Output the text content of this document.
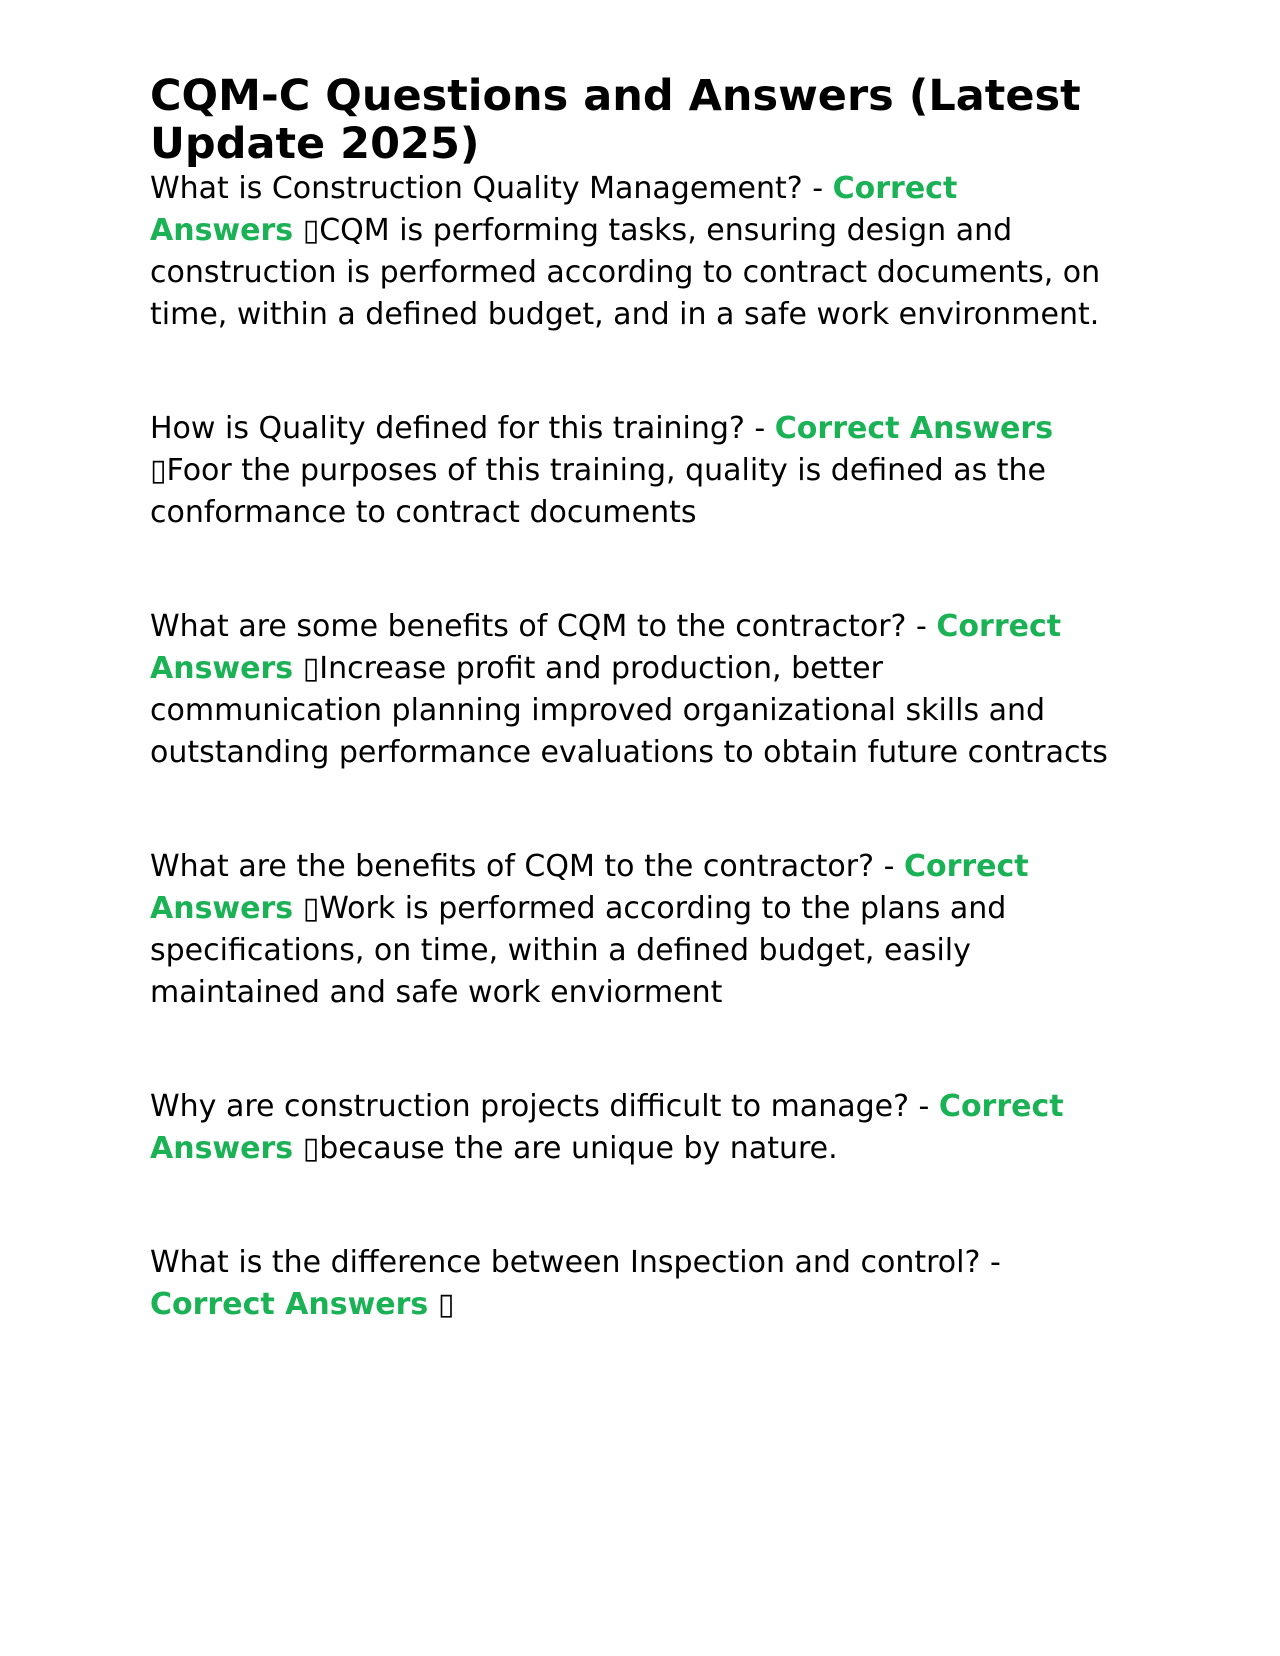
CQM-C Questions and Answers (Latest Update 2025)

What is Construction Quality Management? - Correct Answers ▯CQM is performing tasks, ensuring design and construction is performed according to contract documents, on time, within a defined budget, and in a safe work environment.

How is Quality defined for this training? - Correct Answers ▯Foor the purposes of this training, quality is defined as the conformance to contract documents

What are some benefits of CQM to the contractor? - Correct Answers ▯Increase profit and production, better communication planning improved organizational skills and outstanding performance evaluations to obtain future contracts

What are the benefits of CQM to the contractor? - Correct Answers ▯Work is performed according to the plans and specifications, on time, within a defined budget, easily maintained and safe work enviorment

Why are construction projects difficult to manage? - Correct Answers ▯because the are unique by nature.

What is the difference between Inspection and control? - Correct Answers ▯
